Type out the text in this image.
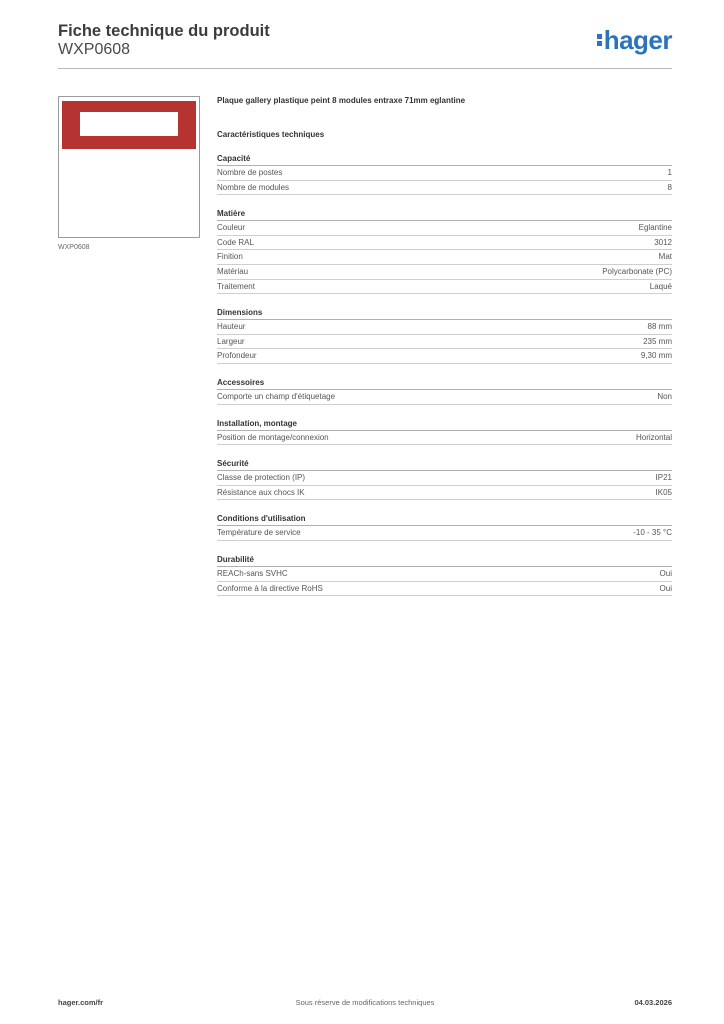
Fiche technique du produit
WXP0608	hager
WXP0608
Plaque gallery plastique peint 8 modules entraxe 71mm eglantine
Caractéristiques techniques
Capacité
Nombre de postes	1
Nombre de modules	8
Matière
Couleur	Eglantine
Code RAL	3012
Finition	Mat
Matériau	Polycarbonate (PC)
Traitement	Laqué
Dimensions
Hauteur	88 mm
Largeur	235 mm
Profondeur	9,30 mm
Accessoires
Comporte un champ d'étiquetage	Non
Installation, montage
Position de montage/connexion	Horizontal
Sécurité
Classe de protection (IP)	IP21
Résistance aux chocs IK	IK05
Conditions d'utilisation
Température de service	-10 - 35 °C
Durabilité
REACh-sans SVHC	Oui
Conforme à la directive RoHS	Oui
hager.com/fr	Sous réserve de modifications techniques	04.03.2026
